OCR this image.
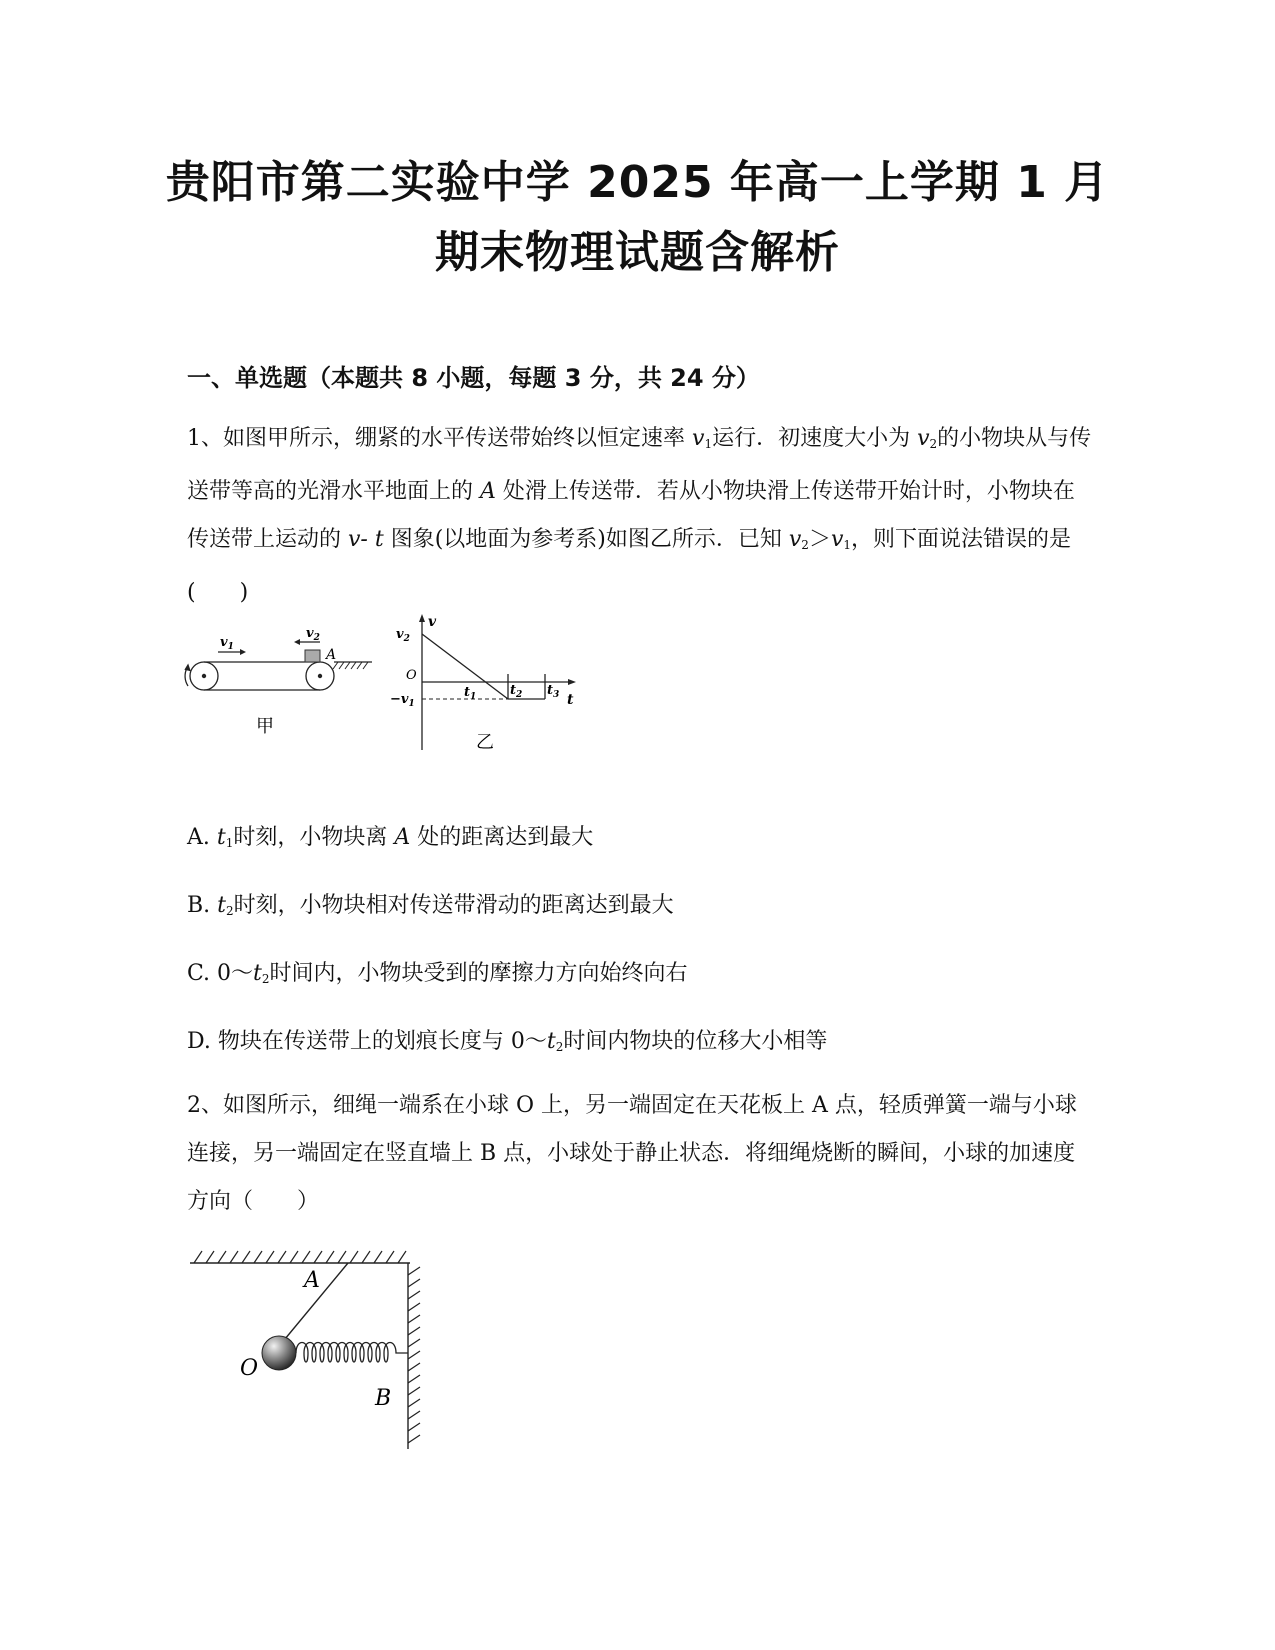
贵阳市第二实验中学 2025 年高一上学期 1 月
期末物理试题含解析
一、单选题（本题共 8 小题，每题 3 分，共 24 分）
1、如图甲所示，绷紧的水平传送带始终以恒定速率 $v_1$运行．初速度大小为 $v_2$的小物块从与传送带等高的光滑水平地面上的 A 处滑上传送带．若从小物块滑上传送带开始计时，小物块在传送带上运动的 v- t 图象(以地面为参考系)如图乙所示．已知 $v_2>v_1$，则下面说法错误的是(　　)
$v_1$
$v_2$
A
甲
v
t
O
$v_2$
$-v_1$
$t_1$	$t_2$ $t_3$
乙
A. $t_1$时刻，小物块离 A 处的距离达到最大
B. $t_2$时刻，小物块相对传送带滑动的距离达到最大
C. $0\sim t_2$时间内，小物块受到的摩擦力方向始终向右
D. 物块在传送带上的划痕长度与 $0\sim t_2$时间内物块的位移大小相等
2、如图所示，细绳一端系在小球 O 上，另一端固定在天花板上 A 点，轻质弹簧一端与小球连接，另一端固定在竖直墙上 B 点，小球处于静止状态．将细绳烧断的瞬间，小球的加速度方向（　　）
A
O
B
